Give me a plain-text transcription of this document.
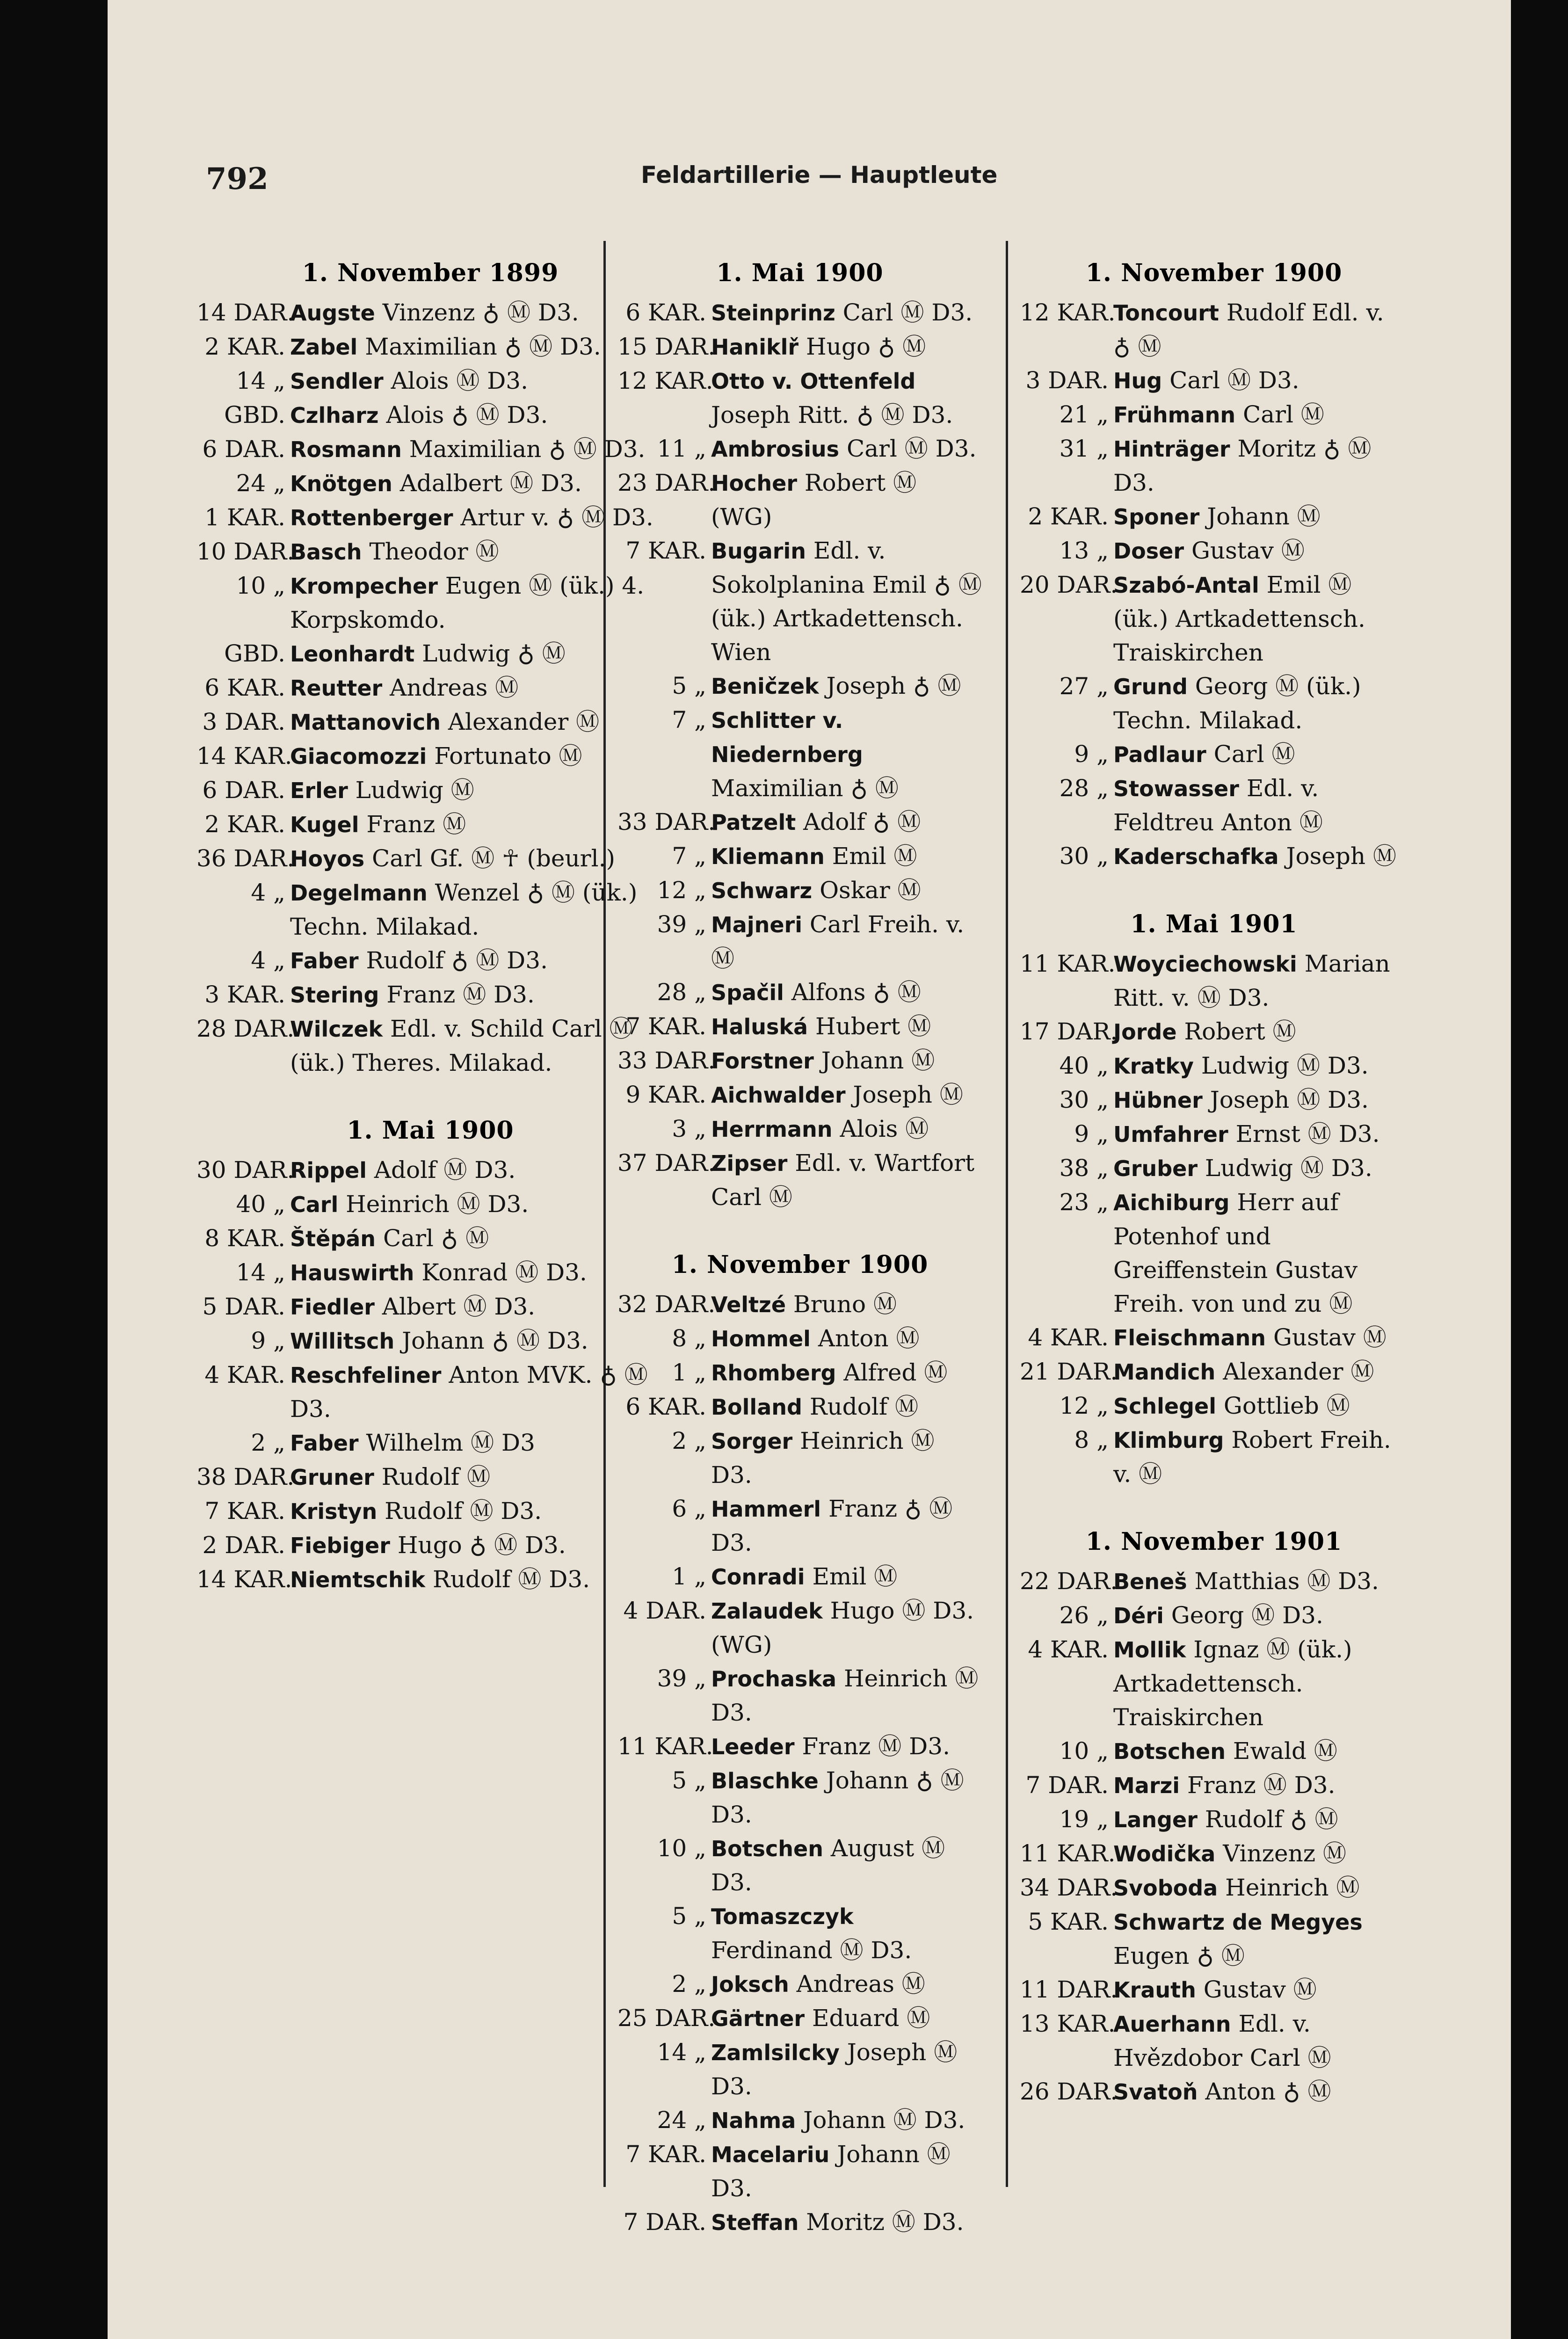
792	Feldartillerie — Hauptleute
1. November 1899
14 DAR.
Augste Vinzenz ♁ Ⓜ D3.
2 KAR. Zabel Maximilian ♁ Ⓜ D3.
14 „ Sendler Alois Ⓜ D3.
GBD. Czlharz Alois ♁ Ⓜ D3.
6 DAR. Rosmann Maximilian ♁ Ⓜ D3.
24 „ Knötgen Adalbert Ⓜ D3.
1 KAR. Rottenberger Artur v. ♁ Ⓜ D3.
10 DAR.
Basch Theodor Ⓜ
10 „ Krompecher Eugen Ⓜ (ük.) 4. Korpskomdo.
GBD. Leonhardt Ludwig ♁ Ⓜ
6 KAR. Reutter Andreas Ⓜ
3 DAR. Mattanovich Alexander Ⓜ
14 KAR.
Giacomozzi Fortunato Ⓜ
6 DAR. Erler Ludwig Ⓜ
2 KAR. Kugel Franz Ⓜ
36 DAR.
Hoyos Carl Gf. Ⓜ ☥ (beurl.)
4 „ Degelmann Wenzel ♁ Ⓜ (ük.) Techn. Milakad.
4 „ Faber Rudolf ♁ Ⓜ D3.
3 KAR. Stering Franz Ⓜ D3.
28 DAR.
Wilczek Edl. v. Schild Carl Ⓜ (ük.) Theres. Milakad.
1. Mai 1900
30 DAR.
Rippel Adolf Ⓜ D3.
40 „ Carl Heinrich Ⓜ D3.
8 KAR. Štěpán Carl ♁ Ⓜ
14 „ Hauswirth Konrad Ⓜ D3.
5 DAR. Fiedler Albert Ⓜ D3.
9 „ Willitsch Johann ♁ Ⓜ D3.
4 KAR. Reschfeliner Anton MVK. ♁ Ⓜ D3.
2 „ Faber Wilhelm Ⓜ D3
38 DAR.
Gruner Rudolf Ⓜ
7 KAR. Kristyn Rudolf Ⓜ D3.
2 DAR. Fiebiger Hugo ♁ Ⓜ D3.
14 KAR.
Niemtschik Rudolf Ⓜ D3.
1. Mai 1900
6 KAR. Steinprinz Carl Ⓜ D3.
15 DAR.
Haniklř Hugo ♁ Ⓜ
12 KAR.
Otto v. Ottenfeld Joseph Ritt. ♁ Ⓜ D3.
11 „ Ambrosius Carl Ⓜ D3.
23 DAR.
Hocher Robert Ⓜ (WG)
7 KAR. Bugarin Edl. v. Sokolplanina Emil ♁ Ⓜ (ük.) Artkadettensch. Wien
5 „ Beničzek Joseph ♁ Ⓜ
7 „ Schlitter v. Niedernberg Maximilian ♁ Ⓜ
33 DAR.
Patzelt Adolf ♁ Ⓜ
7 „ Kliemann Emil Ⓜ
12 „ Schwarz Oskar Ⓜ
39 „ Majneri Carl Freih. v. Ⓜ
28 „ Spačil Alfons ♁ Ⓜ
7 KAR. Haluská Hubert Ⓜ
33 DAR.
Forstner Johann Ⓜ
9 KAR. Aichwalder Joseph Ⓜ
3 „ Herrmann Alois Ⓜ
37 DAR.
Zipser Edl. v. Wartfort Carl Ⓜ
1. November 1900
32 DAR.
Veltzé Bruno Ⓜ
8 „ Hommel Anton Ⓜ
1 „ Rhomberg Alfred Ⓜ
6 KAR. Bolland Rudolf Ⓜ
2 „ Sorger Heinrich Ⓜ D3.
6 „ Hammerl Franz ♁ Ⓜ D3.
1 „ Conradi Emil Ⓜ
4 DAR. Zalaudek Hugo Ⓜ D3. (WG)
39 „ Prochaska Heinrich Ⓜ D3.
11 KAR.
Leeder Franz Ⓜ D3.
5 „ Blaschke Johann ♁ Ⓜ D3.
10 „ Botschen August Ⓜ D3.
5 „ Tomaszczyk Ferdinand Ⓜ D3.
2 „ Joksch Andreas Ⓜ
25 DAR.
Gärtner Eduard Ⓜ
14 „ Zamlsilcky Joseph Ⓜ D3.
24 „ Nahma Johann Ⓜ D3.
7 KAR. Macelariu Johann Ⓜ D3.
7 DAR. Steffan Moritz Ⓜ D3.
1. November 1900
12 KAR.
Toncourt Rudolf Edl. v. ♁ Ⓜ
3 DAR. Hug Carl Ⓜ D3.
21 „ Frühmann Carl Ⓜ
31 „ Hinträger Moritz ♁ Ⓜ D3.
2 KAR. Sponer Johann Ⓜ
13 „ Doser Gustav Ⓜ
20 DAR.
Szabó-Antal Emil Ⓜ (ük.) Artkadettensch. Traiskirchen
27 „ Grund Georg Ⓜ (ük.) Techn. Milakad.
9 „ Padlaur Carl Ⓜ
28 „ Stowasser Edl. v. Feldtreu Anton Ⓜ
30 „ Kaderschafka Joseph Ⓜ
1. Mai 1901
11 KAR.
Woyciechowski Marian Ritt. v. Ⓜ D3.
17 DAR.
Jorde Robert Ⓜ
40 „ Kratky Ludwig Ⓜ D3.
30 „ Hübner Joseph Ⓜ D3.
9 „ Umfahrer Ernst Ⓜ D3.
38 „ Gruber Ludwig Ⓜ D3.
23 „ Aichiburg Herr auf Potenhof und Greiffenstein Gustav Freih. von und zu Ⓜ
4 KAR. Fleischmann Gustav Ⓜ
21 DAR.
Mandich Alexander Ⓜ
12 „ Schlegel Gottlieb Ⓜ
8 „ Klimburg Robert Freih. v. Ⓜ
1. November 1901
22 DAR.
Beneš Matthias Ⓜ D3.
26 „ Déri Georg Ⓜ D3.
4 KAR. Mollik Ignaz Ⓜ (ük.) Artkadettensch. Traiskirchen
10 „ Botschen Ewald Ⓜ
7 DAR. Marzi Franz Ⓜ D3.
19 „ Langer Rudolf ♁ Ⓜ
11 KAR.
Wodička Vinzenz Ⓜ
34 DAR.
Svoboda Heinrich Ⓜ
5 KAR. Schwartz de Megyes Eugen ♁ Ⓜ
11 DAR.
Krauth Gustav Ⓜ
13 KAR.
Auerhann Edl. v. Hvězdobor Carl Ⓜ
26 DAR.
Svatoň Anton ♁ Ⓜ
